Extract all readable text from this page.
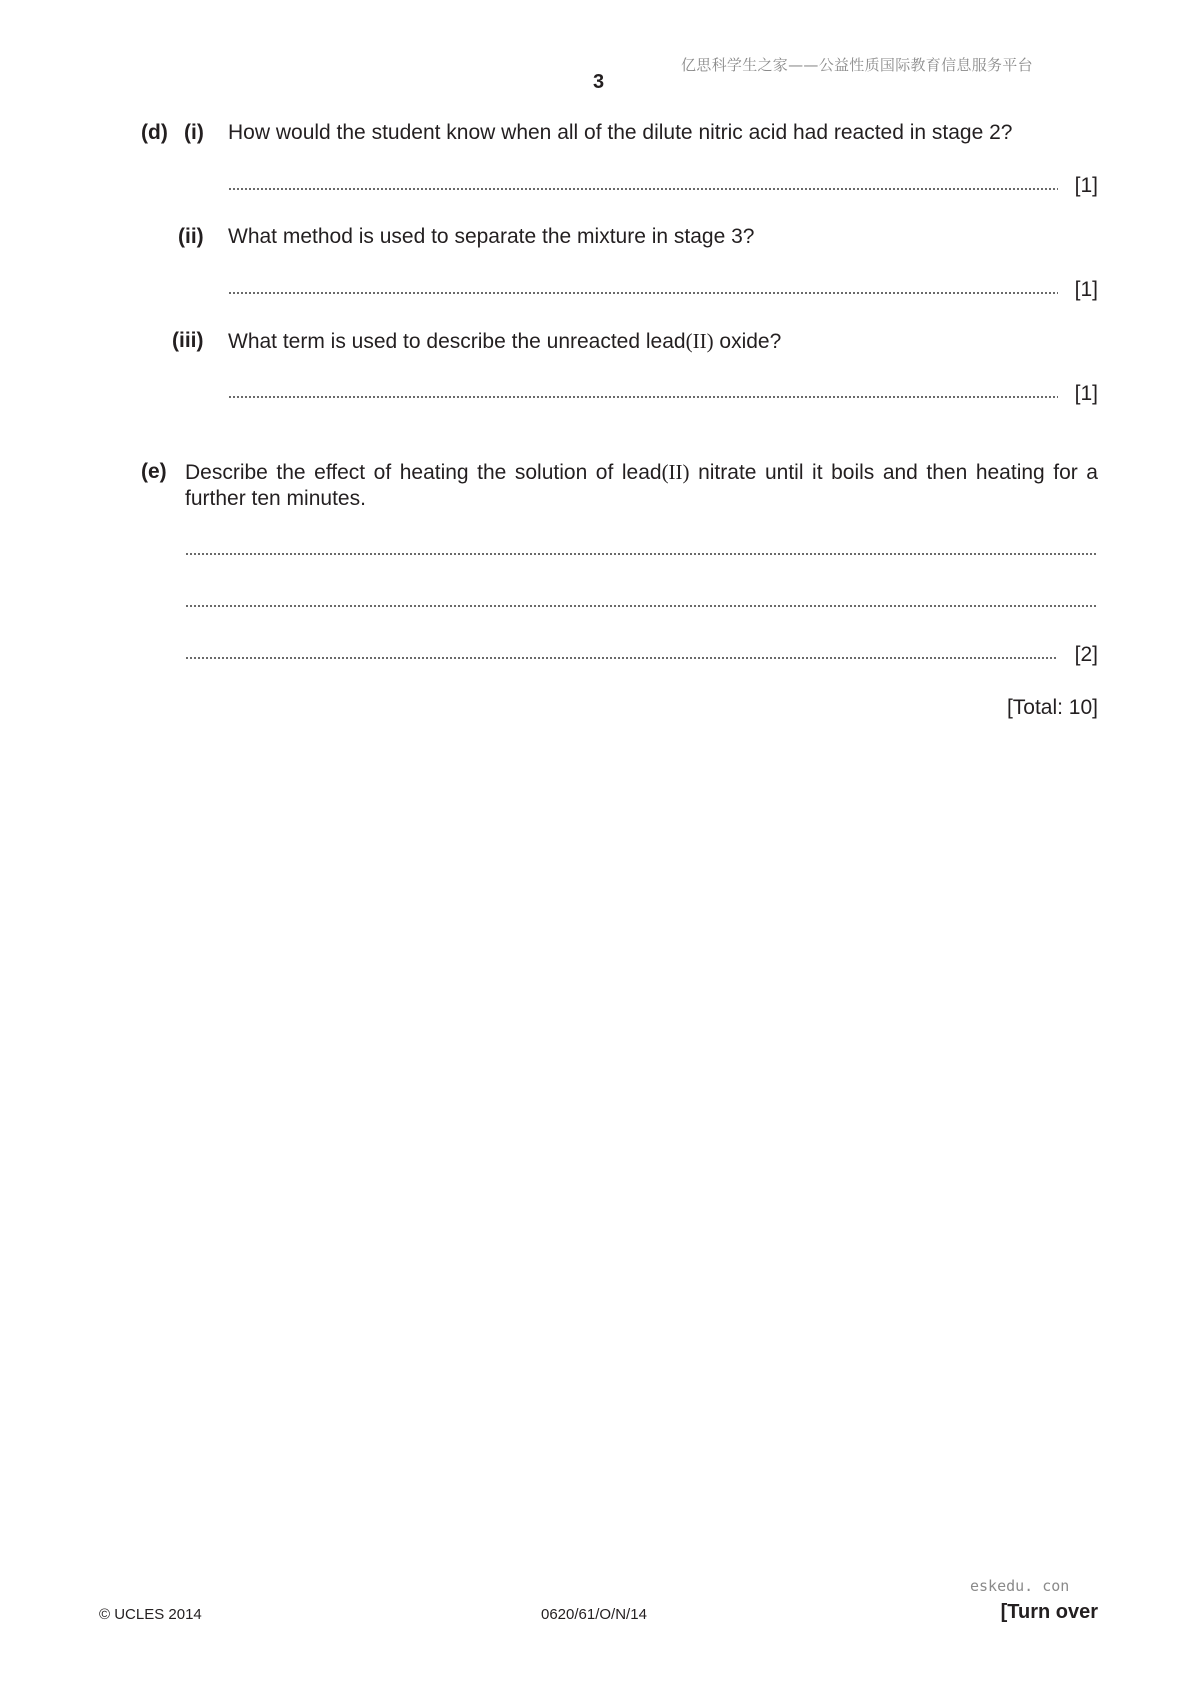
亿思科学生之家——公益性质国际教育信息服务平台
3
(d) (i) How would the student know when all of the dilute nitric acid had reacted in stage 2?
[1]
(ii) What method is used to separate the mixture in stage 3?
[1]
(iii) What term is used to describe the unreacted lead(II) oxide?
[1]
(e) Describe the effect of heating the solution of lead(II) nitrate until it boils and then heating for a further ten minutes.
[2]
[Total: 10]
eskedu. con
© UCLES 2014	0620/61/O/N/14	[Turn over
